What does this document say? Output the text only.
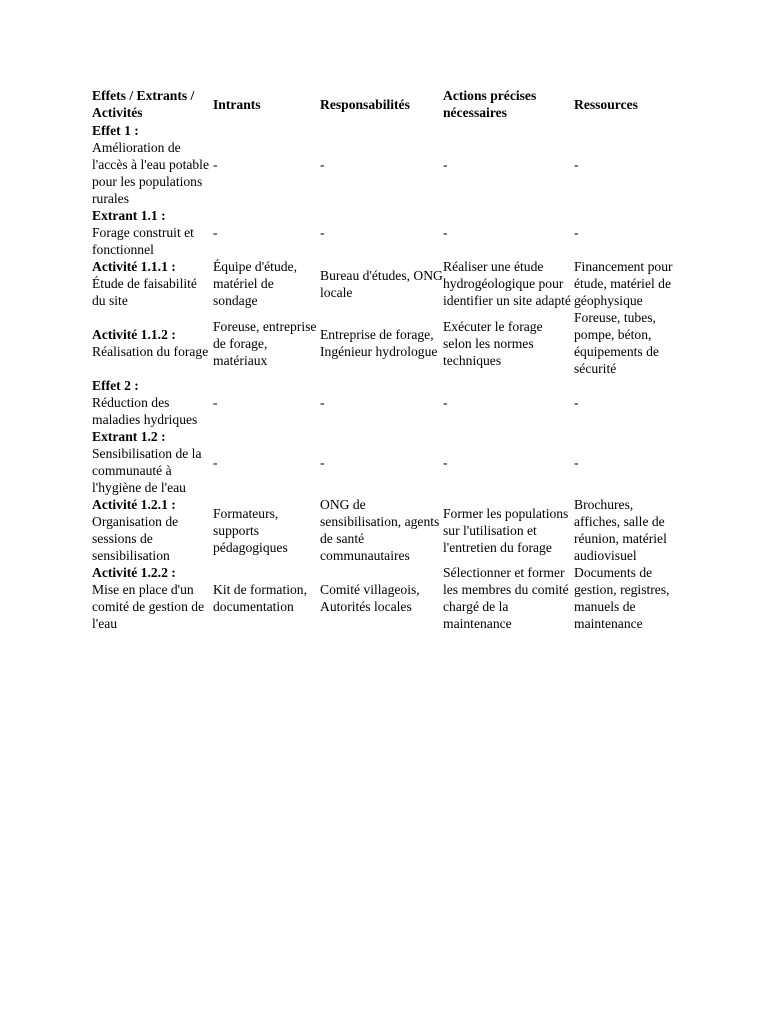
Effets / Extrants / Activités	Intrants	Responsabilités	Actions précises nécessaires	Ressources

Effet 1 :
Amélioration de l'accès à l'eau potable pour les populations rurales	-	-	-	-

Extrant 1.1 :
Forage construit et fonctionnel	-	-	-	-

Activité 1.1.1 :
Étude de faisabilité du site	Équipe d'étude, matériel de sondage	Bureau d'études, ONG locale	Réaliser une étude hydrogéologique pour identifier un site adapté	Financement pour étude, matériel de géophysique

Activité 1.1.2 :
Réalisation du forage	Foreuse, entreprise de forage, matériaux	Entreprise de forage, Ingénieur hydrologue	Exécuter le forage selon les normes techniques	Foreuse, tubes, pompe, béton, équipements de sécurité

Effet 2 :
Réduction des maladies hydriques	-	-	-	-

Extrant 1.2 :
Sensibilisation de la communauté à l'hygiène de l'eau	-	-	-	-

Activité 1.2.1 :
Organisation de sessions de sensibilisation	Formateurs, supports pédagogiques	ONG de sensibilisation, agents de santé communautaires	Former les populations sur l'utilisation et l'entretien du forage	Brochures, affiches, salle de réunion, matériel audiovisuel

Activité 1.2.2 :
Mise en place d'un comité de gestion de l'eau	Kit de formation, documentation	Comité villageois, Autorités locales	Sélectionner et former les membres du comité chargé de la maintenance	Documents de gestion, registres, manuels de maintenance
